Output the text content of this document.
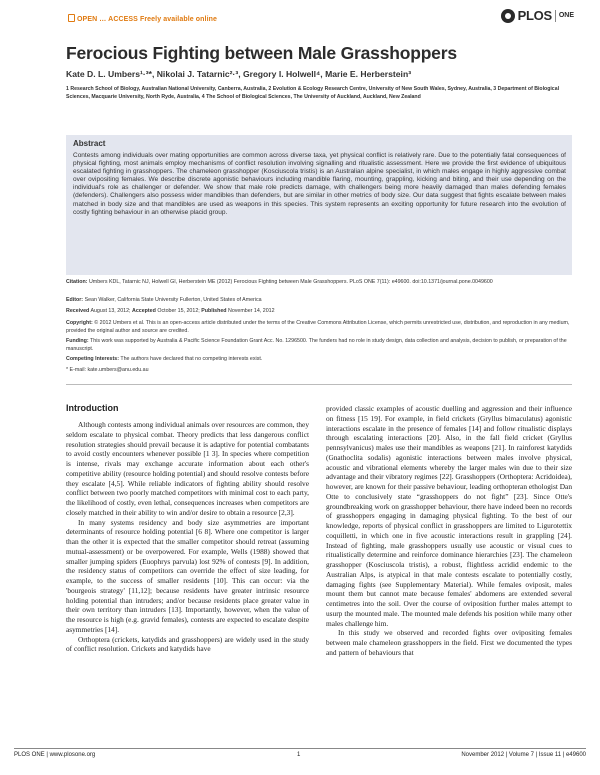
OPEN … ACCESS Freely available online	PLOS ONE
Ferocious Fighting between Male Grasshoppers
Kate D. L. Umbers¹·³*, Nikolai J. Tatarnic²·³, Gregory I. Holwell⁴, Marie E. Herberstein³
1 Research School of Biology, Australian National University, Canberra, Australia, 2 Evolution & Ecology Research Centre, University of New South Wales, Sydney, Australia, 3 Department of Biological Sciences, Macquarie University, North Ryde, Australia, 4 The School of Biological Sciences, The University of Auckland, Auckland, New Zealand
Abstract
Contests among individuals over mating opportunities are common across diverse taxa, yet physical conflict is relatively rare. Due to the potentially fatal consequences of physical fighting, most animals employ mechanisms of conflict resolution involving signalling and ritualistic assessment. Here we provide the first evidence of ubiquitous escalated fighting in grasshoppers. The chameleon grasshopper (Kosciuscola tristis) is an Australian alpine specialist, in which males engage in highly aggressive combat over ovipositing females. We describe discrete agonistic behaviours including mandible flaring, mounting, grappling, kicking and biting, and their use depending on the individual's role as challenger or defender. We show that male role predicts damage, with challengers being more heavily damaged than males defending females (defenders). Challengers also possess wider mandibles than defenders, but are similar in other metrics of body size. Our data suggest that fights escalate between males matched in body size and that mandibles are used as weapons in this species. This system represents an exciting opportunity for future research into the evolution of costly fighting behaviour in an otherwise placid group.
Citation: Umbers KDL, Tatarnic NJ, Holwell GI, Herberstein ME (2012) Ferocious Fighting between Male Grasshoppers. PLoS ONE 7(11): e49600. doi:10.1371/journal.pone.0049600
Editor: Sean Walker, California State University Fullerton, United States of America
Received August 13, 2012; Accepted October 15, 2012; Published November 14, 2012
Copyright: © 2012 Umbers et al. This is an open-access article distributed under the terms of the Creative Commons Attribution License, which permits unrestricted use, distribution, and reproduction in any medium, provided the original author and source are credited.
Funding: This work was supported by Australia & Pacific Science Foundation Grant Acc. No. 1296500. The funders had no role in study design, data collection and analysis, decision to publish, or preparation of the manuscript.
Competing Interests: The authors have declared that no competing interests exist.
* E-mail: kate.umbers@anu.edu.au
Introduction

Although contests among individual animals over resources are common, they seldom escalate to physical combat. Theory predicts that less dangerous conflict resolution strategies should prevail because it is adaptive for potential combatants to avoid costly encounters whenever possible [1 3]. In species where competition is intense, rivals may exchange accurate information about each other's competitive ability (resource holding potential) and should resolve contests before they escalate [4,5]. While reliable indicators of fighting ability should resolve conflict between two poorly matched competitors with minimal cost to each party, the likelihood of costly, even lethal, consequences increases when competitors are closely matched in their ability to win and/or desire to obtain a resource [2,3].

In many systems residency and body size asymmetries are important determinants of resource holding potential [6 8]. Where one competitor is larger than the other it is expected that the smaller competitor should retreat (assuming mutual-assessment) or be overpowered. For example, Wells (1988) showed that smaller jumping spiders (Euophrys parvula) lost 92% of contests [9]. In addition, the residency status of competitors can override the effect of size leading, for example, to the success of smaller residents [10]. This can occur: via the 'bourgeois strategy' [11,12]; because residents have greater intrinsic resource holding potential than intruders; and/or because residents place greater value in their own territory than intruders [13]. Importantly, however, when the value of the resource is high (e.g. gravid females), contests are expected to escalate despite asymmetries [14].

Orthoptera (crickets, katydids and grasshoppers) are widely used in the study of conflict resolution. Crickets and katydids have

provided classic examples of acoustic duelling and aggression and their influence on fitness [15 19]. For example, in field crickets (Gryllus bimaculatus) agonistic interactions escalate in the presence of females [14] and follow ritualistic displays through escalating interactions [20]. Also, in the fall field cricket (Gryllus pennsylvanicus) males use their mandibles as weapons [21]. In rainforest katydids (Gnathoclita sodalis) agonistic interactions between males involve physical, acoustic and vibrational elements whereby the larger males win due to their size advantage and their vibratory regimes [22]. Grasshoppers (Orthoptera: Acridoidea), however, are known for their passive behaviour, leading orthopteran ethologist Dan Otte to conclusively state “grasshoppers do not fight” [23]. Since Otte's groundbreaking work on grasshopper behaviour, there have indeed been no records of grasshoppers engaging in damaging physical fighting. To the best of our knowledge, reports of physical conflict in grasshoppers are limited to Ligurotettix coquilletti, in which one in five acoustic interactions result in grappling [24]. Instead of fighting, male grasshoppers usually use acoustic or visual cues to ritualistically determine and reinforce dominance hierarchies [23]. The chameleon grasshopper (Kosciuscola tristis), a robust, flightless acridid endemic to the Australian Alps, is atypical in that male contests escalate to potentially costly, damaging fights (see Supplementary Material). While females oviposit, males mount them but cannot mate because females' abdomens are extended several centimetres into the soil. Over the course of oviposition further males attempt to usurp the mounted male. The mounted male defends his position while many other males challenge him.

In this study we observed and recorded fights over ovipositing females between male chameleon grasshoppers in the field. First we documented the types and pattern of behaviours that

PLOS ONE | www.plosone.org	1	November 2012 | Volume 7 | Issue 11 | e49600
